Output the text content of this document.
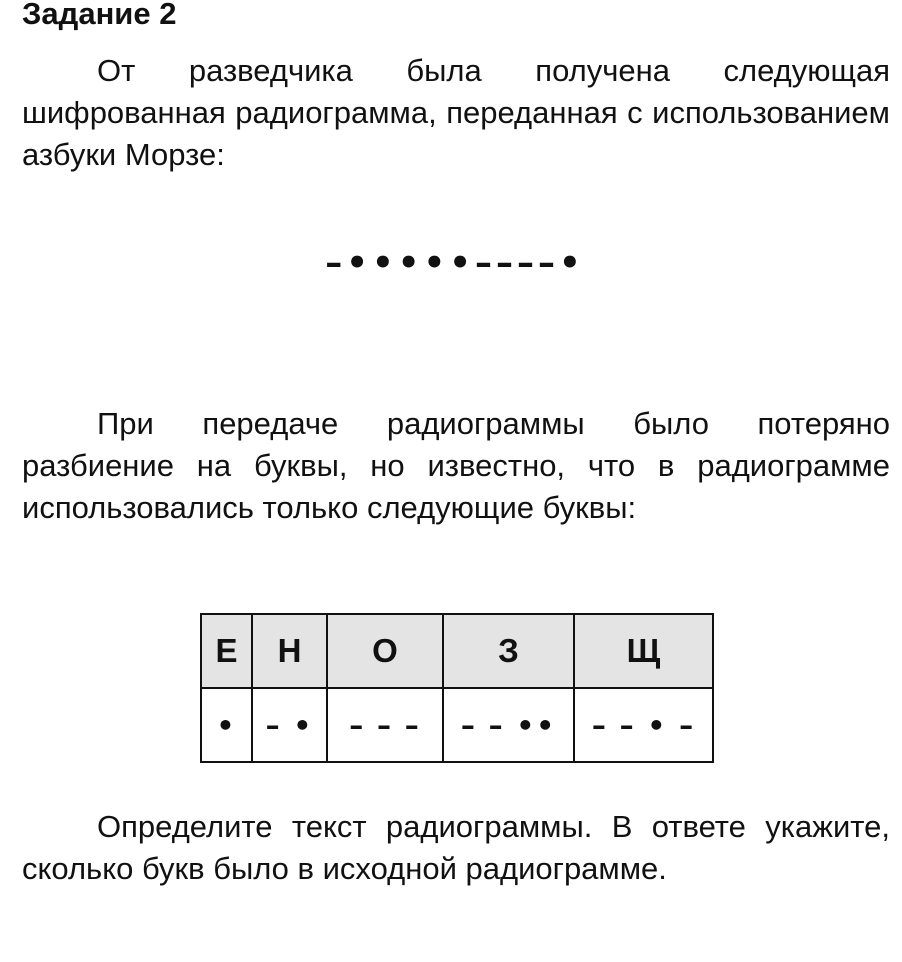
Задание 2

От разведчика была получена следующая шифрованная радиограмма, переданная с использованием азбуки Морзе:

–•••••––––•

При передаче радиограммы было потеряно разбиение на буквы, но известно, что в радиограмме использовались только следующие буквы:

Е	Н	О	З	Щ
•	– •	– – –	– – ••	– – • –

Определите текст радиограммы. В ответе укажите, сколько букв было в исходной радиограмме.
